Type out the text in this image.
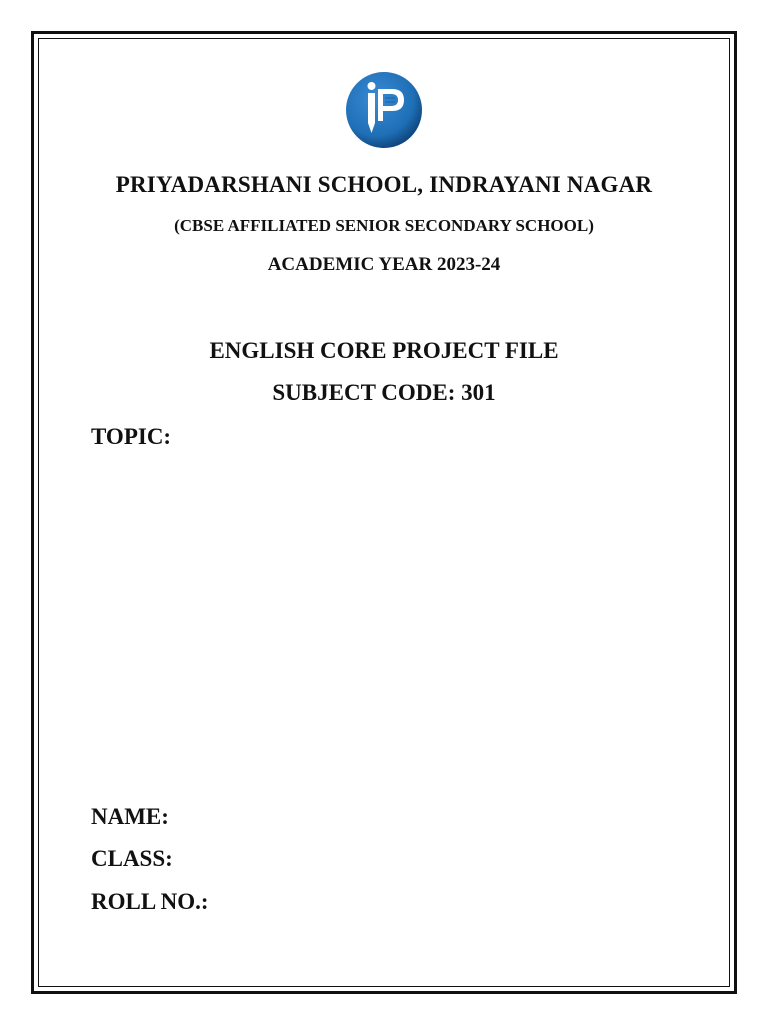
PRIYADARSHANI SCHOOL, INDRAYANI NAGAR
(CBSE AFFILIATED SENIOR SECONDARY SCHOOL)
ACADEMIC YEAR 2023-24
ENGLISH CORE PROJECT FILE
SUBJECT CODE: 301
TOPIC:
NAME:
CLASS:
ROLL NO.:
